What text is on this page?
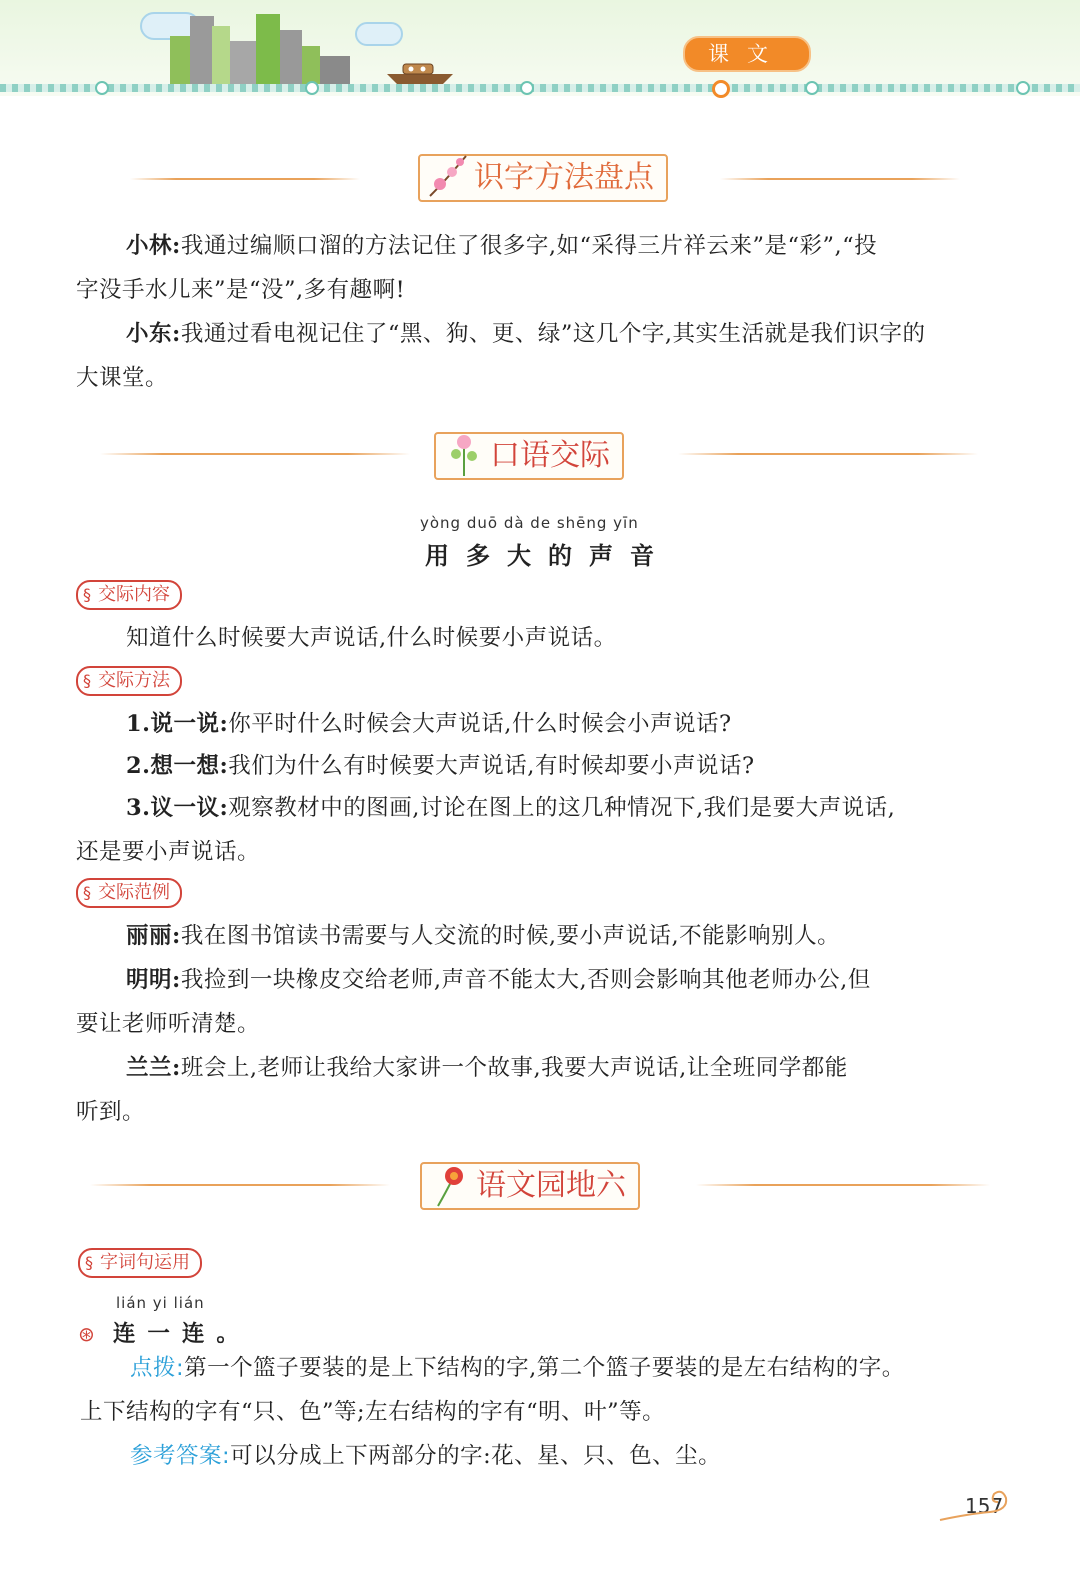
课文
识字方法盘点
小林:我通过编顺口溜的方法记住了很多字,如“采得三片祥云来”是“彩”,“投
字没手水儿来”是“没”,多有趣啊!
小东:我通过看电视记住了“黑、狗、更、绿”这几个字,其实生活就是我们识字的
大课堂。
口语交际
yòng duō dà de shēng yīn
用多大的声音
§ 交际内容
知道什么时候要大声说话,什么时候要小声说话。
§ 交际方法
1.说一说:你平时什么时候会大声说话,什么时候会小声说话?
2.想一想:我们为什么有时候要大声说话,有时候却要小声说话?
3.议一议:观察教材中的图画,讨论在图上的这几种情况下,我们是要大声说话,
还是要小声说话。
§ 交际范例
丽丽:我在图书馆读书需要与人交流的时候,要小声说话,不能影响别人。
明明:我捡到一块橡皮交给老师,声音不能太大,否则会影响其他老师办公,但
要让老师听清楚。
兰兰:班会上,老师让我给大家讲一个故事,我要大声说话,让全班同学都能
听到。
语文园地六
§ 字词句运用
lián yi lián
⊛ 连一连。
点拨:第一个篮子要装的是上下结构的字,第二个篮子要装的是左右结构的字。
上下结构的字有“只、色”等;左右结构的字有“明、叶”等。
参考答案:可以分成上下两部分的字:花、星、只、色、尘。
157
